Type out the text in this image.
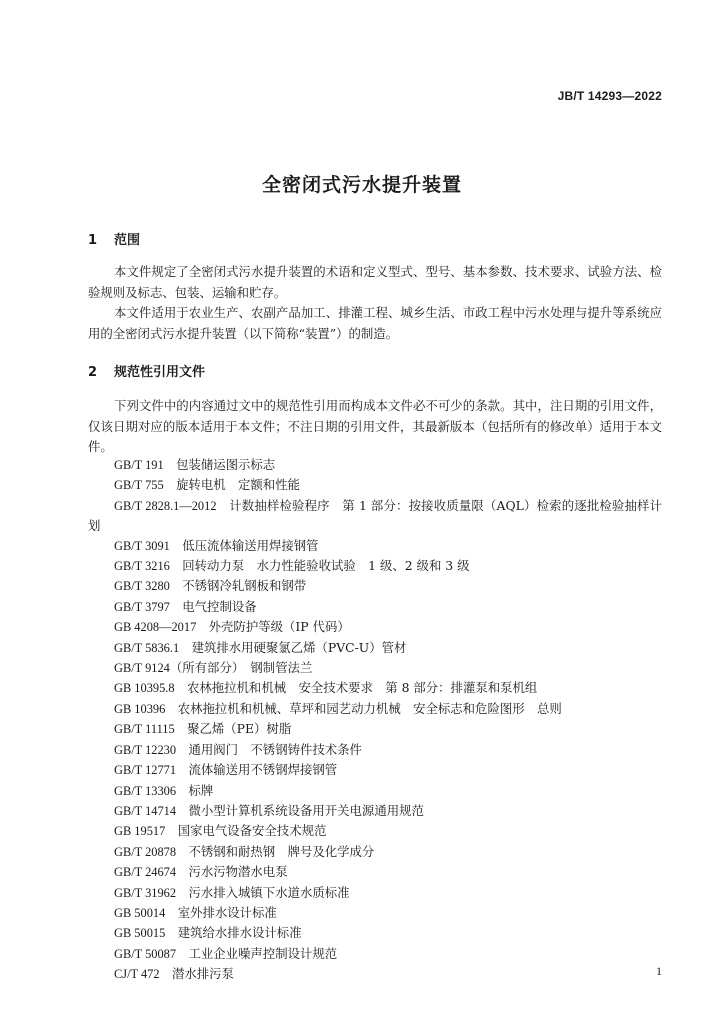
JB/T 14293—2022
全密闭式污水提升装置
1 范围
本文件规定了全密闭式污水提升装置的术语和定义型式、型号、基本参数、技术要求、试验方法、检验规则及标志、包装、运输和贮存。
本文件适用于农业生产、农副产品加工、排灌工程、城乡生活、市政工程中污水处理与提升等系统应用的全密闭式污水提升装置（以下简称“装置”）的制造。
2 规范性引用文件
下列文件中的内容通过文中的规范性引用而构成本文件必不可少的条款。其中，注日期的引用文件，仅该日期对应的版本适用于本文件；不注日期的引用文件，其最新版本（包括所有的修改单）适用于本文件。
GB/T 191　 包装储运图示标志
GB/T 755　 旋转电机　定额和性能
GB/T 2828.1—2012　 计数抽样检验程序　第 1 部分：按接收质量限（AQL）检索的逐批检验抽样计划
GB/T 3091　 低压流体输送用焊接钢管
GB/T 3216　 回转动力泵　水力性能验收试验　1 级、2 级和 3 级
GB/T 3280　 不锈钢冷轧钢板和钢带
GB/T 3797　 电气控制设备
GB 4208—2017　 外壳防护等级（IP 代码）
GB/T 5836.1　 建筑排水用硬聚氯乙烯（PVC-U）管材
GB/T 9124（所有部分）　 钢制管法兰
GB 10395.8　 农林拖拉机和机械　安全技术要求　第 8 部分：排灌泵和泵机组
GB 10396　 农林拖拉机和机械、草坪和园艺动力机械　安全标志和危险图形　总则
GB/T 11115　 聚乙烯（PE）树脂
GB/T 12230　 通用阀门　不锈钢铸件技术条件
GB/T 12771　 流体输送用不锈钢焊接钢管
GB/T 13306　 标牌
GB/T 14714　 微小型计算机系统设备用开关电源通用规范
GB 19517　 国家电气设备安全技术规范
GB/T 20878　 不锈钢和耐热钢　牌号及化学成分
GB/T 24674　 污水污物潜水电泵
GB/T 31962　 污水排入城镇下水道水质标准
GB 50014　 室外排水设计标准
GB 50015　 建筑给水排水设计标准
GB/T 50087　 工业企业噪声控制设计规范
CJ/T 472　 潜水排污泵	1
